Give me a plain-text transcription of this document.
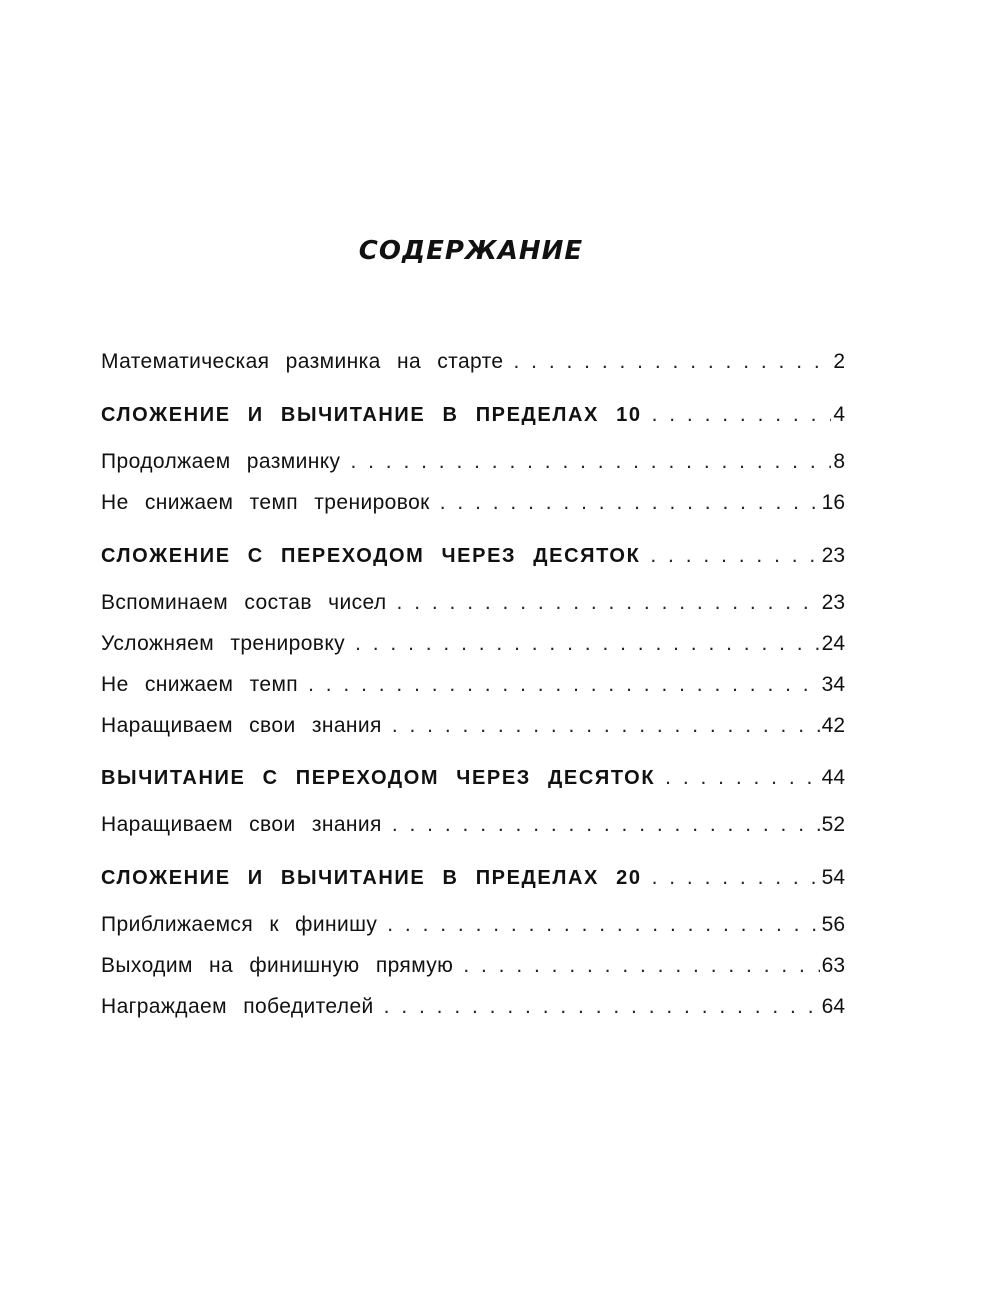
СОДЕРЖАНИЕ
Математическая разминка на старте . . .	2
СЛОЖЕНИЕ И ВЫЧИТАНИЕ В ПРЕДЕЛАХ 10 . . .	4
Продолжаем разминку . . .	8
Не снижаем темп тренировок . . .	16
СЛОЖЕНИЕ С ПЕРЕХОДОМ ЧЕРЕЗ ДЕСЯТОК . . .	23
Вспоминаем состав чисел . . .	23
Усложняем тренировку . . .	24
Не снижаем темп . . .	34
Наращиваем свои знания . . .	42
ВЫЧИТАНИЕ С ПЕРЕХОДОМ ЧЕРЕЗ ДЕСЯТОК . . .	44
Наращиваем свои знания . . .	52
СЛОЖЕНИЕ И ВЫЧИТАНИЕ В ПРЕДЕЛАХ 20 . . .	54
Приближаемся к финишу . . .	56
Выходим на финишную прямую . . .	63
Награждаем победителей . . .	64
